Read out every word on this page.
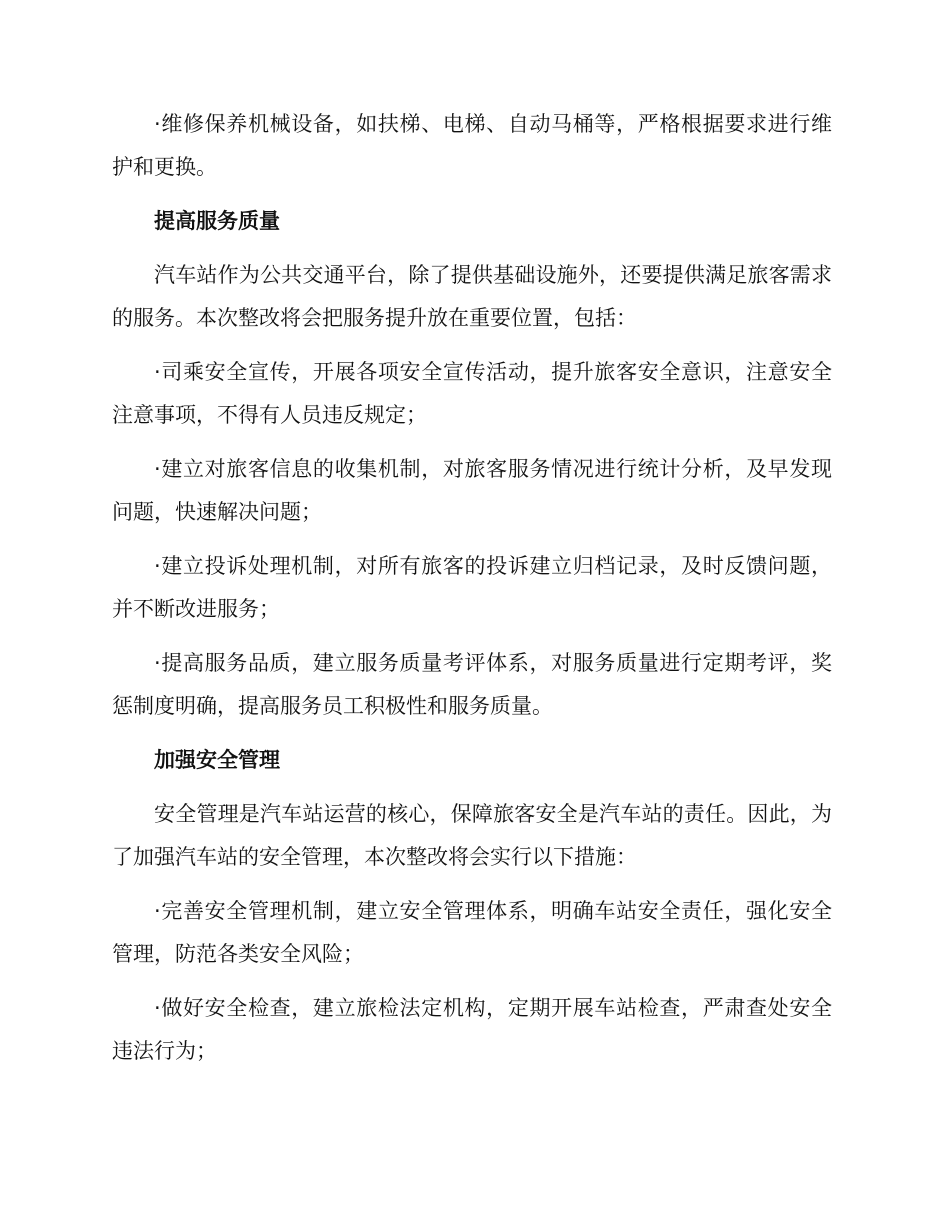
·维修保养机械设备，如扶梯、电梯、自动马桶等，严格根据要求进行维护和更换。

提高服务质量

汽车站作为公共交通平台，除了提供基础设施外，还要提供满足旅客需求的服务。本次整改将会把服务提升放在重要位置，包括：

·司乘安全宣传，开展各项安全宣传活动，提升旅客安全意识，注意安全注意事项，不得有人员违反规定；

·建立对旅客信息的收集机制，对旅客服务情况进行统计分析，及早发现问题，快速解决问题；

·建立投诉处理机制，对所有旅客的投诉建立归档记录，及时反馈问题，并不断改进服务；

·提高服务品质，建立服务质量考评体系，对服务质量进行定期考评，奖惩制度明确，提高服务员工积极性和服务质量。

加强安全管理

安全管理是汽车站运营的核心，保障旅客安全是汽车站的责任。因此，为了加强汽车站的安全管理，本次整改将会实行以下措施：

·完善安全管理机制，建立安全管理体系，明确车站安全责任，强化安全管理，防范各类安全风险；

·做好安全检查，建立旅检法定机构，定期开展车站检查，严肃查处安全违法行为；
